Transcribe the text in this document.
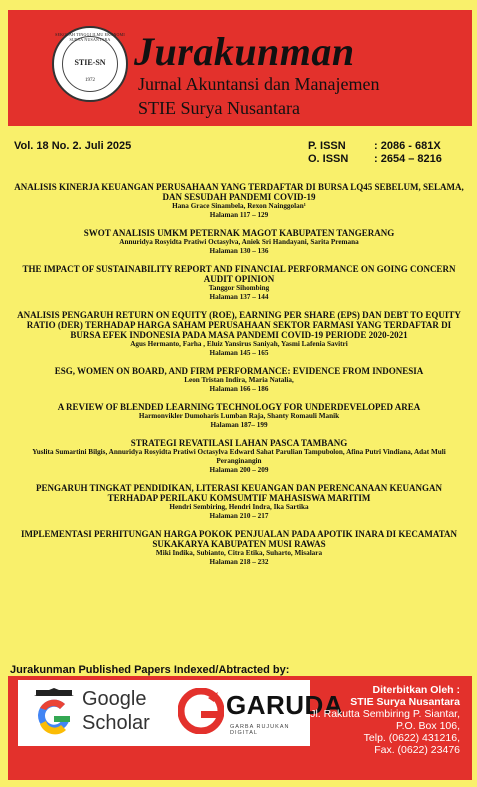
SEKOLAH TINGGI ILMU EKONOMI SURYA NUSANTARA
STIE-SN
1972
Jurakunman
Jurnal Akuntansi dan Manajemen
STIE Surya Nusantara
Vol. 18 No. 2. Juli 2025	P. ISSN	: 2086 - 681X
O. ISSN	: 2654 – 8216
ANALISIS KINERJA KEUANGAN PERUSAHAAN YANG TERDAFTAR DI BURSA LQ45 SEBELUM, SELAMA, DAN SESUDAH PANDEMI COVID-19
Hana Grace Sinambela, Rexon Nainggolan¹
Halaman 117 – 129
SWOT ANALISIS UMKM PETERNAK MAGOT KABUPATEN TANGERANG
Annuridya Rosyidta Pratiwi Octasylva, Aniek Sri Handayani, Sarita Premana
Halaman 130 – 136
THE IMPACT OF SUSTAINABILITY REPORT AND FINANCIAL PERFORMANCE ON GOING CONCERN AUDIT OPINION
Tanggor Sihombing
Halaman 137 – 144
ANALISIS PENGARUH RETURN ON EQUITY (ROE), EARNING PER SHARE (EPS) DAN DEBT TO EQUITY RATIO (DER) TERHADAP HARGA SAHAM PERUSAHAAN SEKTOR FARMASI YANG TERDAFTAR DI BURSA EFEK INDONESIA PADA MASA PANDEMI COVID-19 PERIODE 2020-2021
Agus Hermanto, Farha , Eluiz Yansirus Saniyah, Yasmi Lafenia Savitri
Halaman 145 – 165
ESG, WOMEN ON BOARD, AND FIRM PERFORMANCE: EVIDENCE FROM INDONESIA
Leon Tristan Indira, Maria Natalia,
Halaman 166 – 186
A REVIEW OF BLENDED LEARNING TECHNOLOGY FOR UNDERDEVELOPED AREA
Harmonvikler Dumoharis Lumban Raja, Shanty Romauli Manik
Halaman 187– 199
STRATEGI REVATILASI LAHAN PASCA TAMBANG
Yuslita Sumartini Bilgis, Annuridya Rosyidta Pratiwi Octasylva Edward Sahat Parulian Tampubolon, Afina Putri Vindiana, Adat Muli Peranginangin
Halaman 200 – 209
PENGARUH TINGKAT PENDIDIKAN, LITERASI KEUANGAN DAN PERENCANAAN KEUANGAN TERHADAP PERILAKU KOMSUMTIF MAHASISWA MARITIM
Hendri Sembiring, Hendri Indra, Ika Sartika
Halaman 210 – 217
IMPLEMENTASI PERHITUNGAN HARGA POKOK PENJUALAN PADA APOTIK INARA DI KECAMATAN SUKAKARYA KABUPATEN MUSI RAWAS
Miki Indika, Subianto, Citra Etika, Suharto, Misalara
Halaman 218 – 232
Jurakunman Published Papers Indexed/Abtracted by:
Google
Scholar
GARUDA
GARBA RUJUKAN DIGITAL
Diterbitkan Oleh :
STIE Surya Nusantara
Jl. Rakutta Sembiring P. Siantar,
P.O. Box 106,
Telp. (0622) 431216,
Fax. (0622) 23476
